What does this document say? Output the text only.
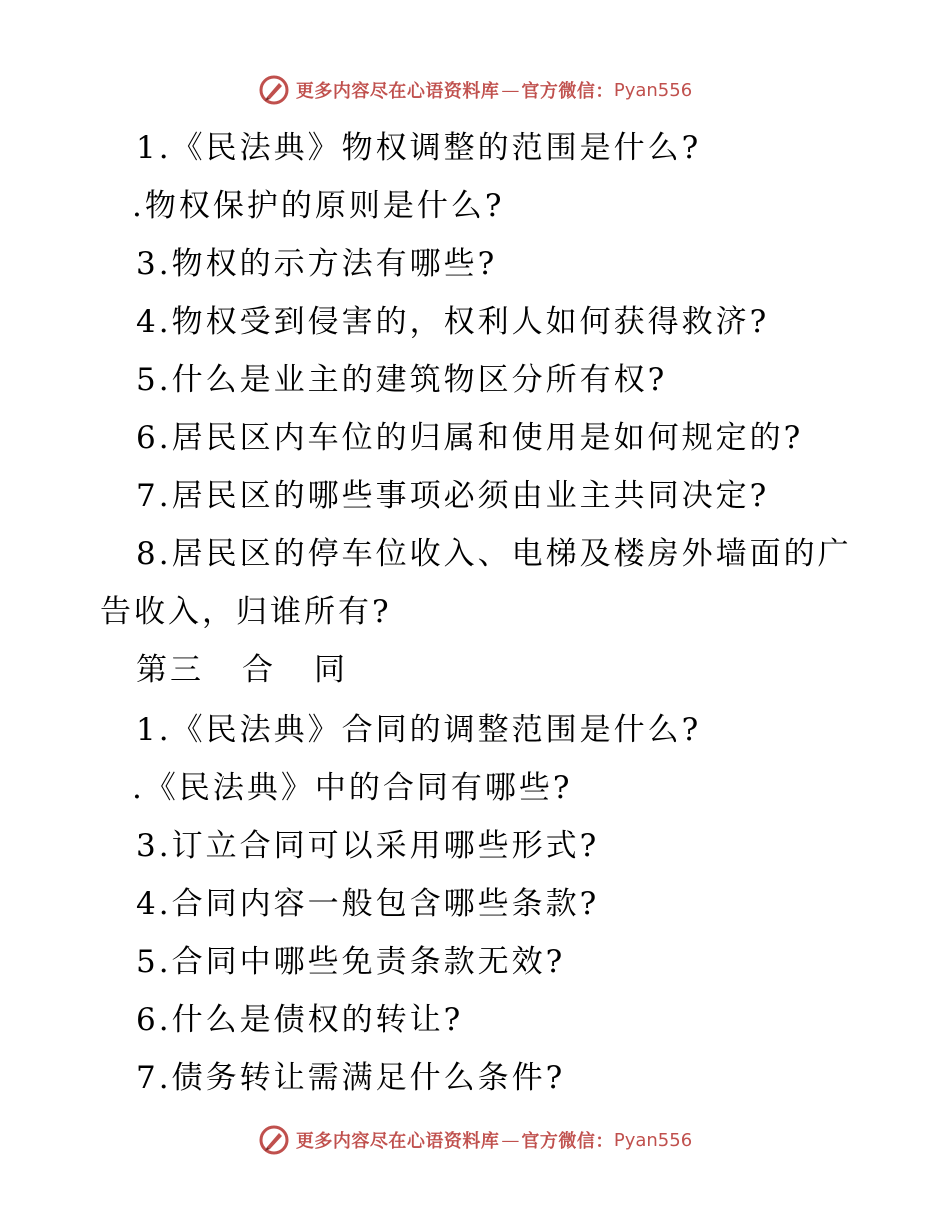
更多内容尽在心语资料库 — 官方微信： Pyan556
1.《民法典》物权调整的范围是什么?
.物权保护的原则是什么?
3.物权的示方法有哪些?
4.物权受到侵害的，权利人如何获得救济?
5.什么是业主的建筑物区分所有权?
6.居民区内车位的归属和使用是如何规定的?
7.居民区的哪些事项必须由业主共同决定?
8.居民区的停车位收入、电梯及楼房外墙面的广
告收入，归谁所有?
第三 合 同
1.《民法典》合同的调整范围是什么?
.《民法典》中的合同有哪些?
3.订立合同可以采用哪些形式?
4.合同内容一般包含哪些条款?
5.合同中哪些免责条款无效?
6.什么是债权的转让?
7.债务转让需满足什么条件?
更多内容尽在心语资料库 — 官方微信： Pyan556
